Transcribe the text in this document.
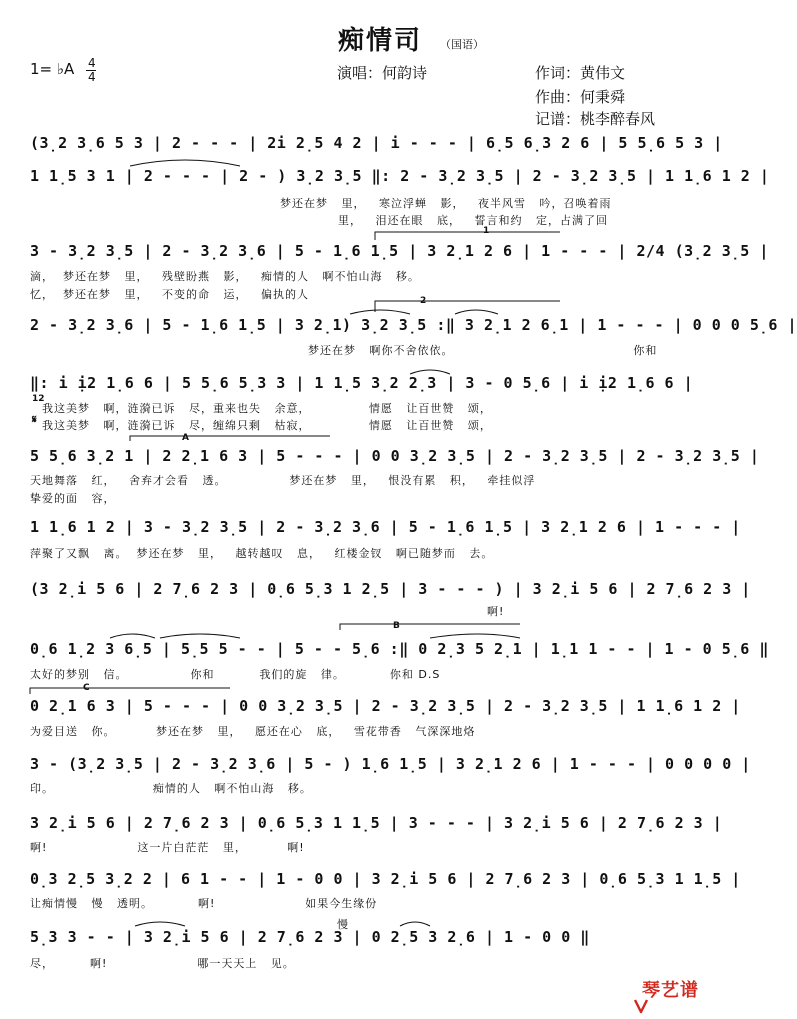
痴情司 （国语）
1= ♭A 4
4	演唱：何韵诗	作词：黄伟文
作曲：何秉舜
记谱：桃李醉春风
(3̣2 3̣6 5 3 | 2 - - - | 2i 2̣5 4 2 | i - - - | 6̣5 6̣3 2 6 | 5 5̣6 5 3 |
1 1̣5 3 1 | 2 - - - | 2 - ) 3̣2 3̣5 ‖: 2 - 3̣2 3̣5 | 2 - 3̣2 3̣5 | 1 1̣6 1 2 |
梦还在梦   里，   寒泣浮蝉   影，   夜半风雪   吟，召唤着雨
里，   泪还在眼   底，   誓言和约   定，占满了回
3 - 3̣2 3̣5 | 2 - 3̣2 3̣6 | 5 - 1̣6 1̣5 | 3 2̣1 2 6 | 1 - - - | 2/4 (3̣2 3̣5 |
滴，  梦还在梦   里，   残壁盼燕   影，   痴情的人   啊不怕山海   移。
忆，  梦还在梦   里，   不变的命   运，   偏执的人
2 - 3̣2 3̣6 | 5 - 1̣6 1̣5 | 3 2̣1) 3̣2 3̣5 :‖ 3 2̣1 2 6̣1 | 1 - - - | 0 0 0 5̣6 |
梦还在梦   啊你不舍依依。                                        你和
‖: i ị2 1̣6 6 | 5 5̣6 5̣3 3 | 1 1̣5 3̣2 2̣3 | 3 - 0 5̣6 | i ị2 1̣6 6 |
我这美梦   啊，涟漪已诉   尽，重来也失   余意，             情愿   让百世赞   颂，
我这美梦   啊，涟漪已诉   尽，缠绵只剩   枯寂，             情愿   让百世赞   颂，
5 5̣6 3̣2 1 | 2 2̣1 6 3 | 5 - - - | 0 0 3̣2 3̣5 | 2 - 3̣2 3̣5 | 2 - 3̣2 3̣5 |
天地舞落   红，   舍弃才会看   透。              梦还在梦   里，   恨没有累   积，   牵挂似浮
挚爱的面   容，
1 1̣6 1 2 | 3 - 3̣2 3̣5 | 2 - 3̣2 3̣6 | 5 - 1̣6 1̣5 | 3 2̣1 2 6 | 1 - - - |
萍聚了又飘   离。  梦还在梦   里，   越转越叹   息，   红楼金钗   啊已随梦而   去。
(3 2̣i 5 6 | 2 7̣6 2 3 | 0̣6 5̣3 1 2̣5 | 3 - - - ) | 3 2̣i 5 6 | 2 7̣6 2 3 |
啊!
0̣6 1̣2 3 6̣5 | 5̣5 5 - - | 5 - - 5̣6 :‖ 0 2̣3 5 2̣1 | 1̣1 1 - - | 1 - 0 5̣6 ‖
太好的梦别   信。              你和          我们的旋   律。          你和 D.S
0 2̣1 6 3 | 5 - - - | 0 0 3̣2 3̣5 | 2 - 3̣2 3̣5 | 2 - 3̣2 3̣5 | 1 1̣6 1 2 |
为爱目送   你。         梦还在梦   里，   愿还在心   底，   雪花带香   气深深地烙
3 - (3̣2 3̣5 | 2 - 3̣2 3̣6 | 5 - ) 1̣6 1̣5 | 3 2̣1 2 6 | 1 - - - | 0 0 0 0 |
印。                      痴情的人   啊不怕山海   移。
3 2̣i 5 6 | 2 7̣6 2 3 | 0̣6 5̣3 1 1̣5 | 3 - - - | 3 2̣i 5 6 | 2 7̣6 2 3 |
啊!                    这一片白茫茫   里，         啊!
0̣3 2̣5 3̣2 2 | 6 1 - - | 1 - 0 0 | 3 2̣i 5 6 | 2 7̣6 2 3 | 0̣6 5̣3 1 1̣5 |
让痴情慢   慢   透明。          啊!                    如果今生缘份
5̣3 3 - - | 3 2̣i 5 6 | 2 7̣6 2 3 | 0 2̣5 3 2̣6 | 1 - 0 0 ‖
尽，        啊!                    哪一天天上   见。
1
2
A
B
C
12
𝄋
慢

琴艺谱
